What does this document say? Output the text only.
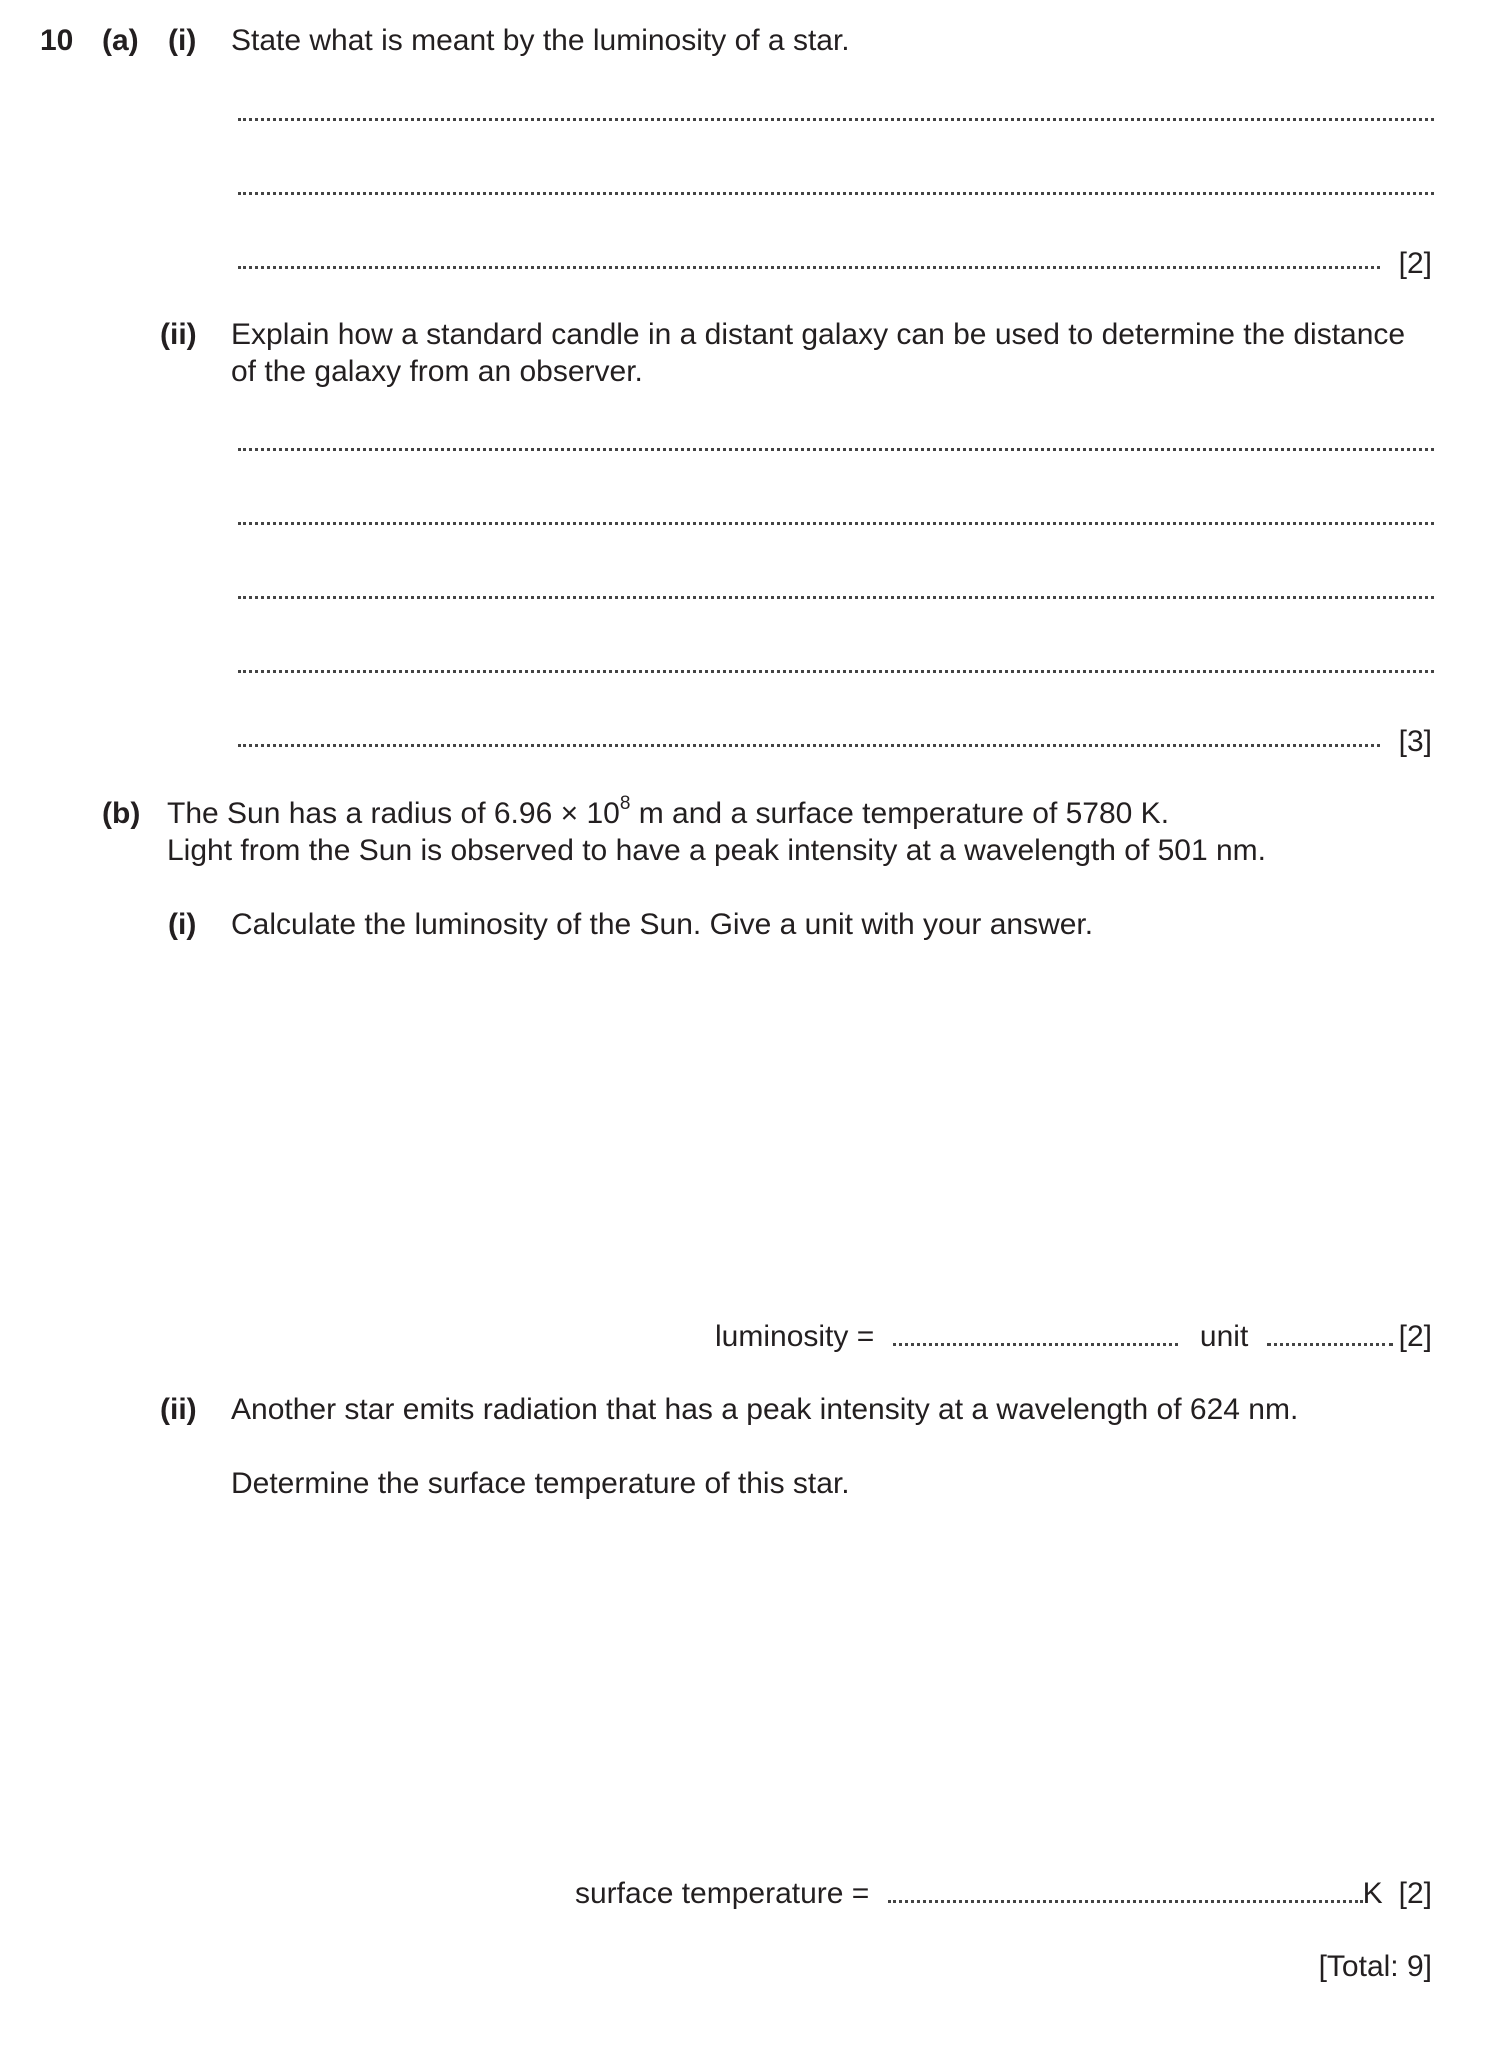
10 (a) (i) State what is meant by the luminosity of a star.
[2]
(ii) Explain how a standard candle in a distant galaxy can be used to determine the distance
of the galaxy from an observer.
[3]
(b) The Sun has a radius of $6.96 \times 10^8$ m and a surface temperature of 5780 K.
Light from the Sun is observed to have a peak intensity at a wavelength of 501 nm.
(i) Calculate the luminosity of the Sun. Give a unit with your answer.
luminosity =	unit	[2]
(ii) Another star emits radiation that has a peak intensity at a wavelength of 624 nm.
Determine the surface temperature of this star.
surface temperature =	K [2]
[Total: 9]
